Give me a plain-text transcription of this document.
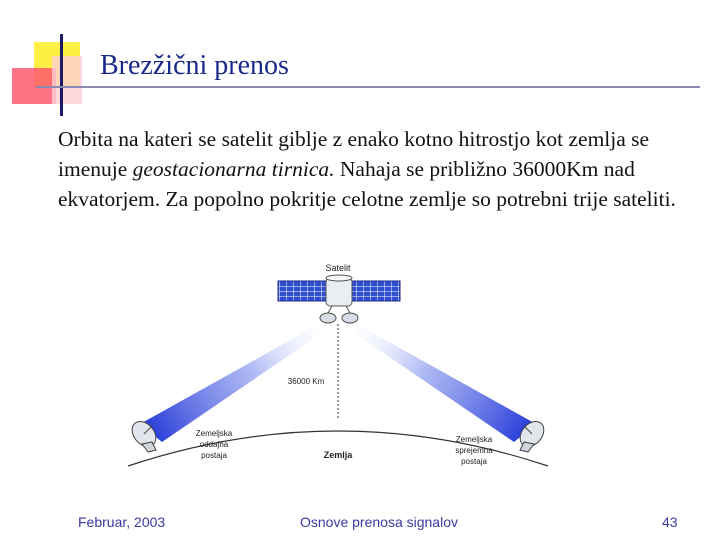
Brezžični prenos

Orbita na kateri se satelit giblje z enako kotno hitrostjo kot zemlja se imenuje geostacionarna tirnica. Nahaja se približno 36000Km nad ekvatorjem. Za popolno pokritje celotne zemlje so potrebni trije sateliti.

Satelit
36000 Km
Zemlja
Zemeljska
oddajna
postaja
Zemeljska
sprejemna
postaja
Februar, 2003	Osnove prenosa signalov	43
